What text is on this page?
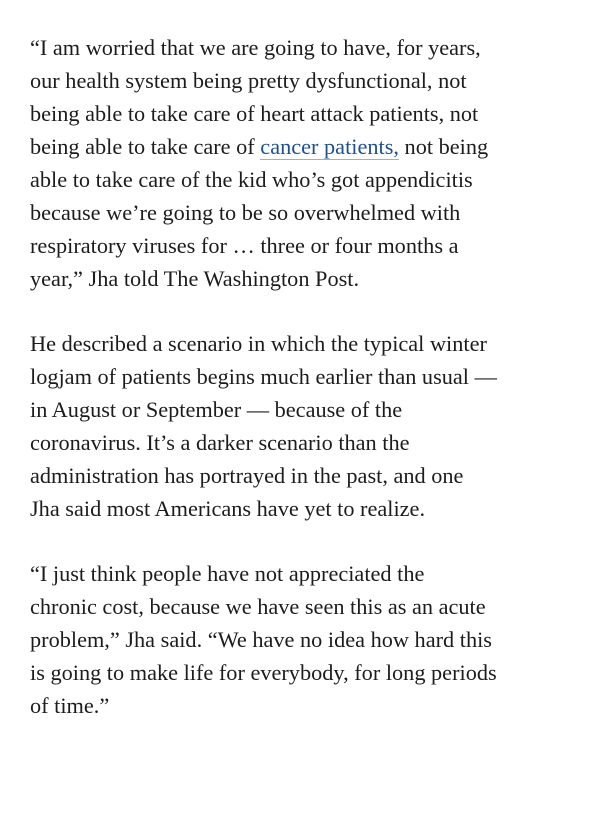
“I am worried that we are going to have, for years,
our health system being pretty dysfunctional, not
being able to take care of heart attack patients, not
being able to take care of cancer patients, not being
able to take care of the kid who’s got appendicitis
because we’re going to be so overwhelmed with
respiratory viruses for … three or four months a
year,” Jha told The Washington Post.

He described a scenario in which the typical winter
logjam of patients begins much earlier than usual —
in August or September — because of the
coronavirus. It’s a darker scenario than the
administration has portrayed in the past, and one
Jha said most Americans have yet to realize.

“I just think people have not appreciated the
chronic cost, because we have seen this as an acute
problem,” Jha said. “We have no idea how hard this
is going to make life for everybody, for long periods
of time.”
